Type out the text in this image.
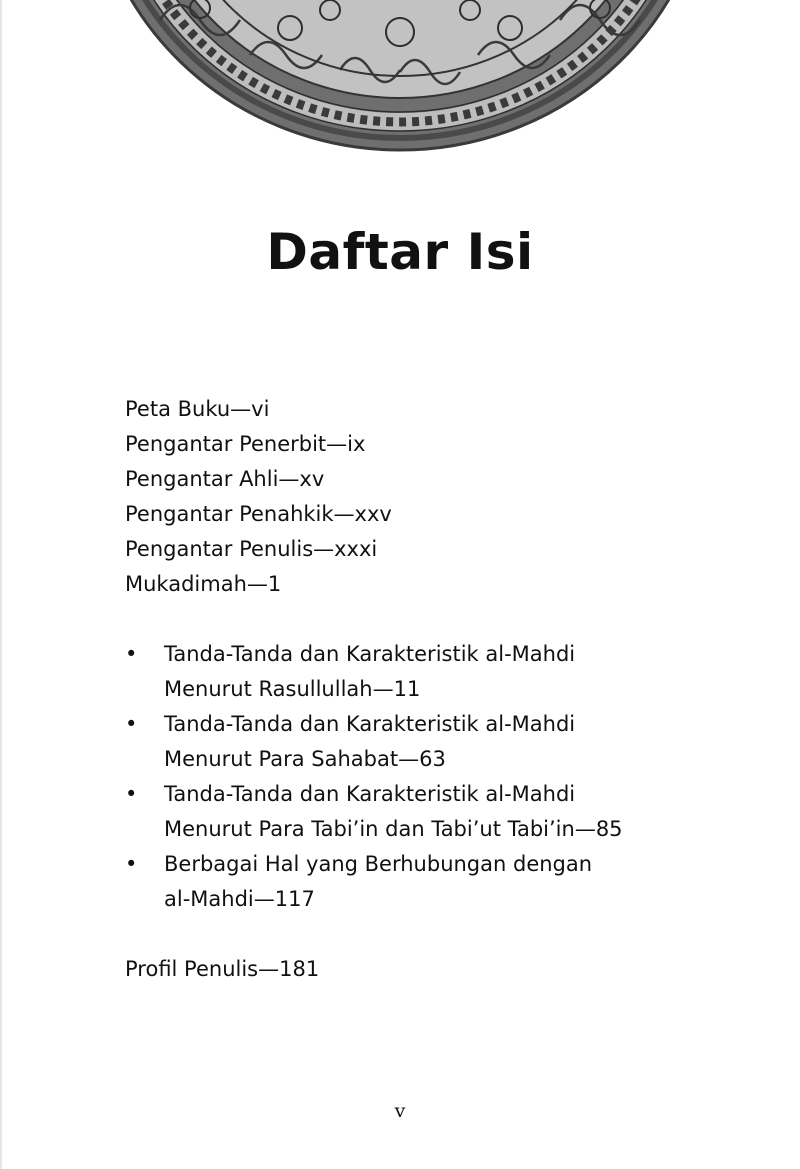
Daftar Isi
Peta Buku—vi
Pengantar Penerbit—ix
Pengantar Ahli—xv
Pengantar Penahkik—xxv
Pengantar Penulis—xxxi
Mukadimah—1
• Tanda-Tanda dan Karakteristik al-Mahdi
Menurut Rasullullah—11
• Tanda-Tanda dan Karakteristik al-Mahdi
Menurut Para Sahabat—63
• Tanda-Tanda dan Karakteristik al-Mahdi
Menurut Para Tabi’in dan Tabi’ut Tabi’in—85
• Berbagai Hal yang Berhubungan dengan
al-Mahdi—117
Profil Penulis—181
v
